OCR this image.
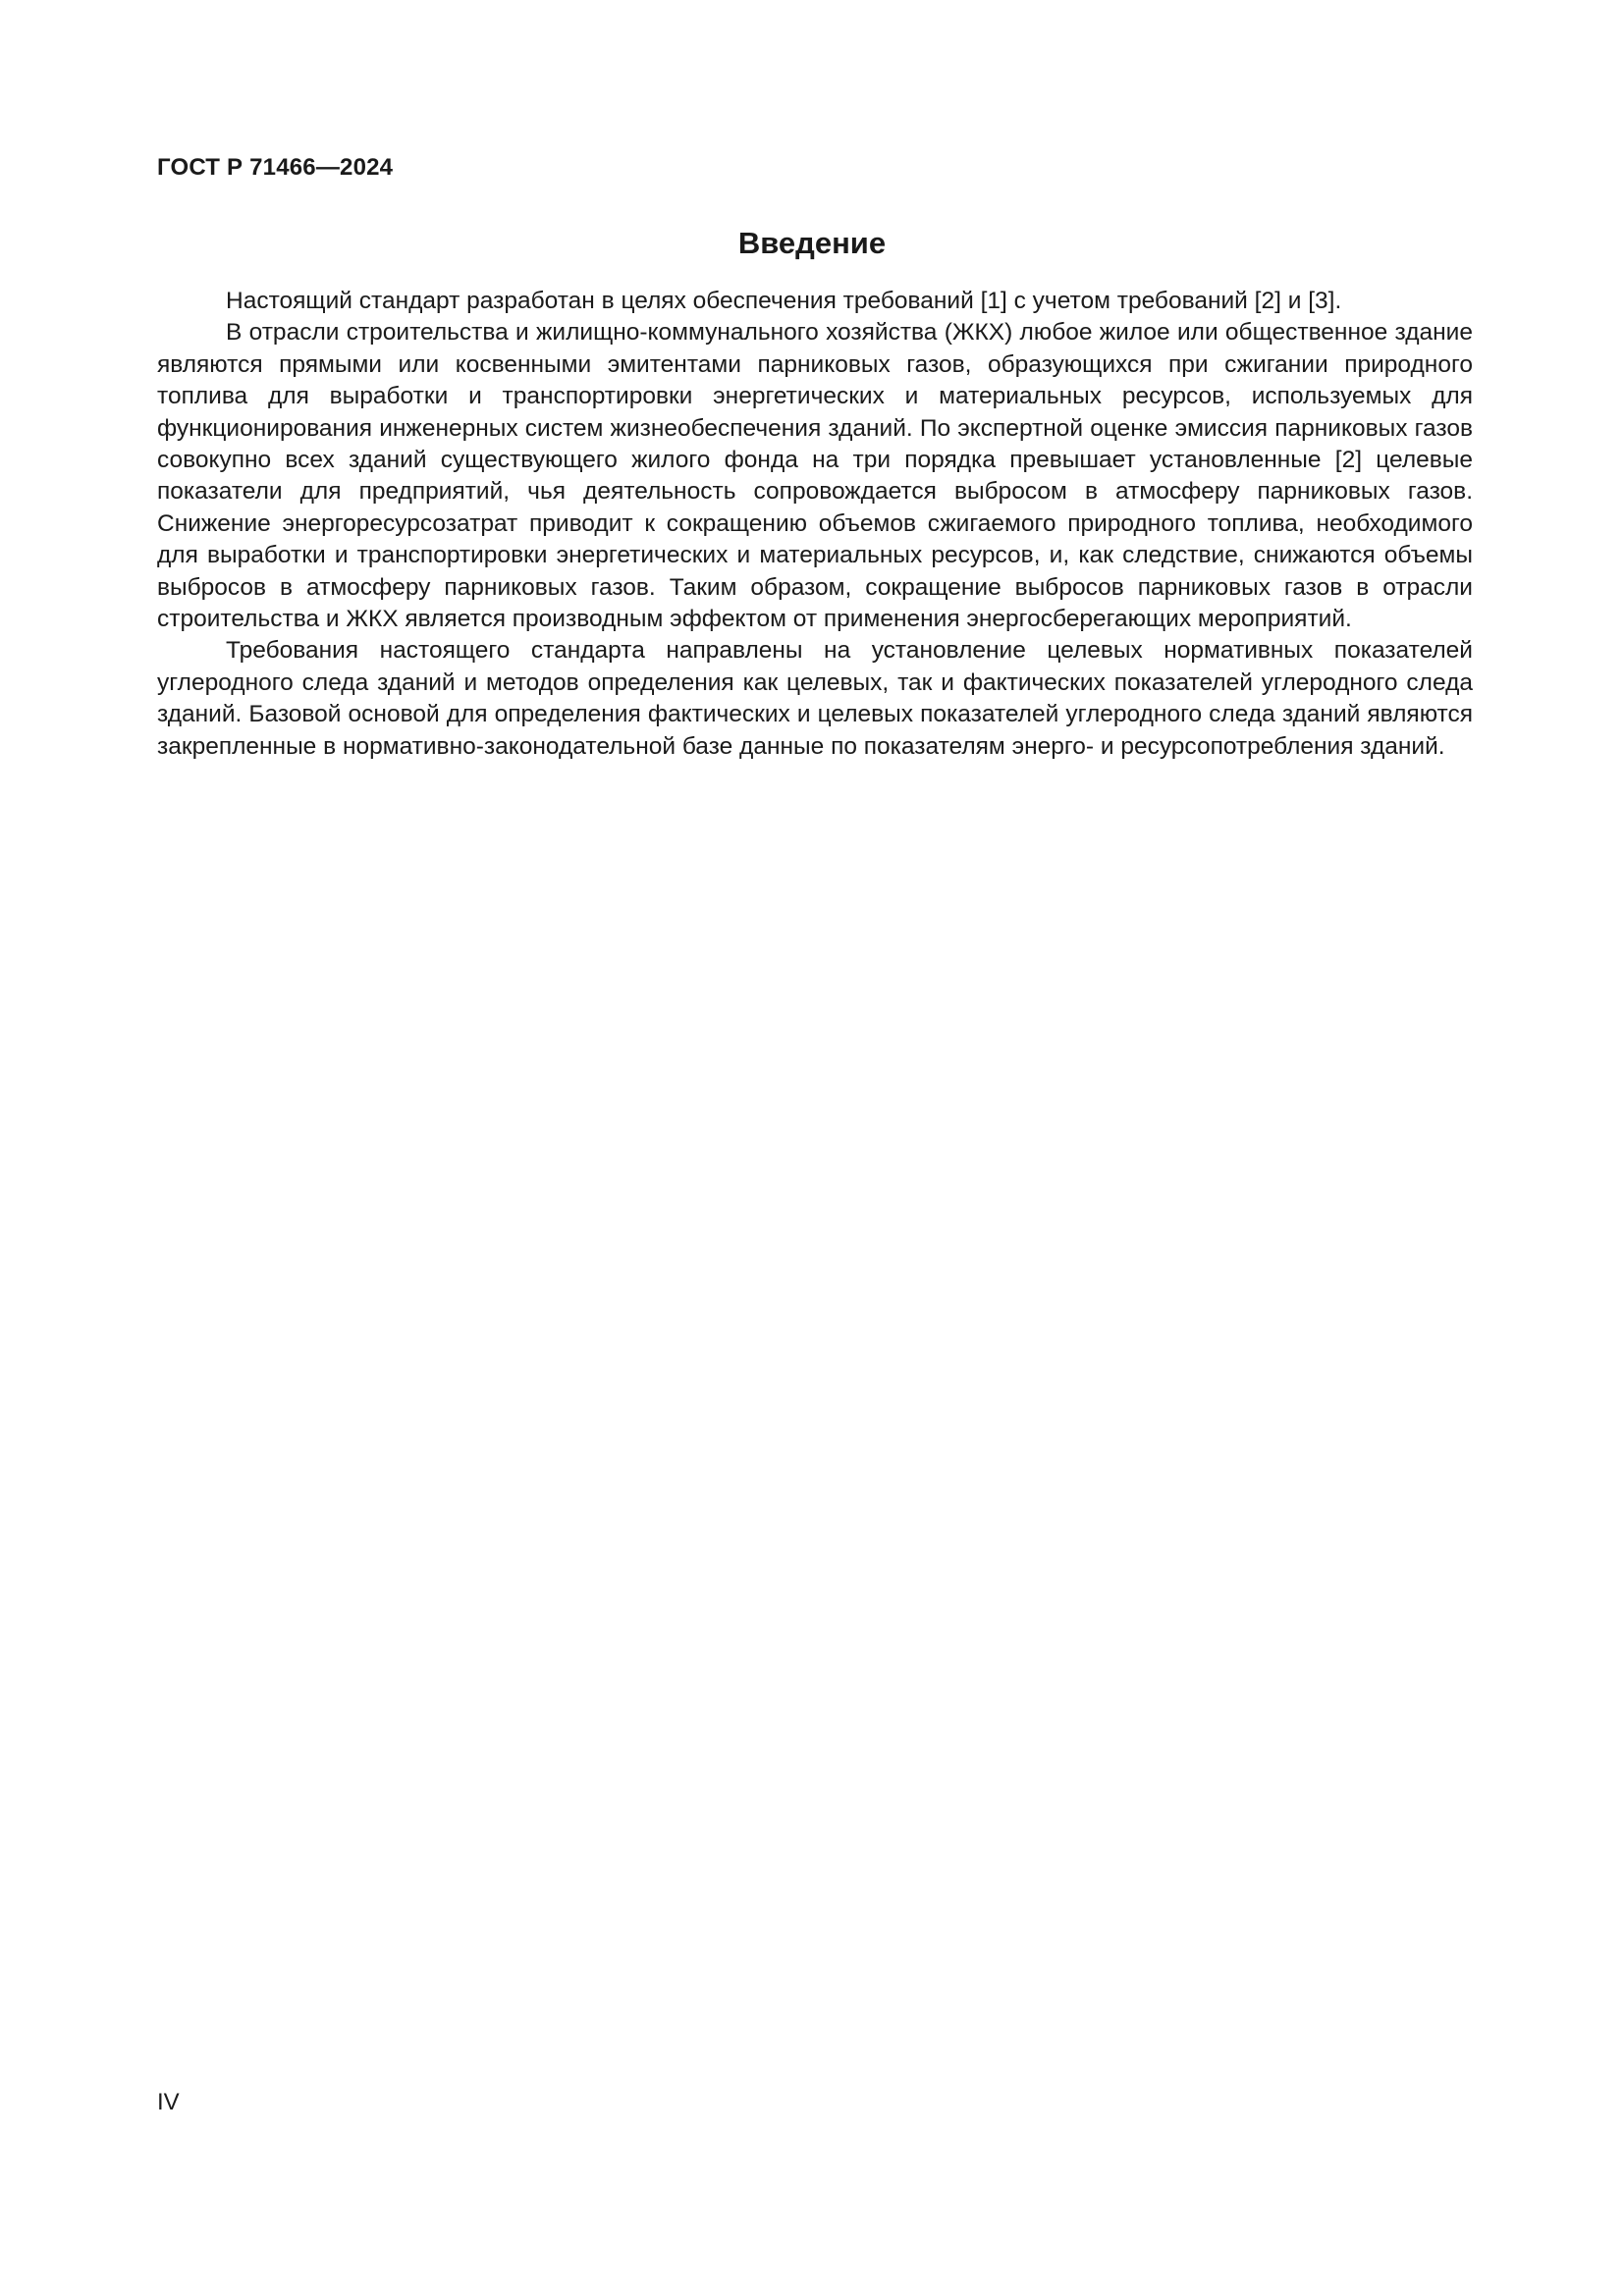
ГОСТ Р 71466—2024
Введение

Настоящий стандарт разработан в целях обеспечения требований [1] с учетом требований [2] и [3].

В отрасли строительства и жилищно-коммунального хозяйства (ЖКХ) любое жилое или общественное здание являются прямыми или косвенными эмитентами парниковых газов, образующихся при сжигании природного топлива для выработки и транспортировки энергетических и материальных ресурсов, используемых для функционирования инженерных систем жизнеобеспечения зданий. По экспертной оценке эмиссия парниковых газов совокупно всех зданий существующего жилого фонда на три порядка превышает установленные [2] целевые показатели для предприятий, чья деятельность сопровождается выбросом в атмосферу парниковых газов. Снижение энергоресурсозатрат приводит к сокращению объемов сжигаемого природного топлива, необходимого для выработки и транспортировки энергетических и материальных ресурсов, и, как следствие, снижаются объемы выбросов в атмосферу парниковых газов. Таким образом, сокращение выбросов парниковых газов в отрасли строительства и ЖКХ является производным эффектом от применения энергосберегающих мероприятий.

Требования настоящего стандарта направлены на установление целевых нормативных показателей углеродного следа зданий и методов определения как целевых, так и фактических показателей углеродного следа зданий. Базовой основой для определения фактических и целевых показателей углеродного следа зданий являются закрепленные в нормативно-законодательной базе данные по показателям энерго- и ресурсопотребления зданий.

IV
